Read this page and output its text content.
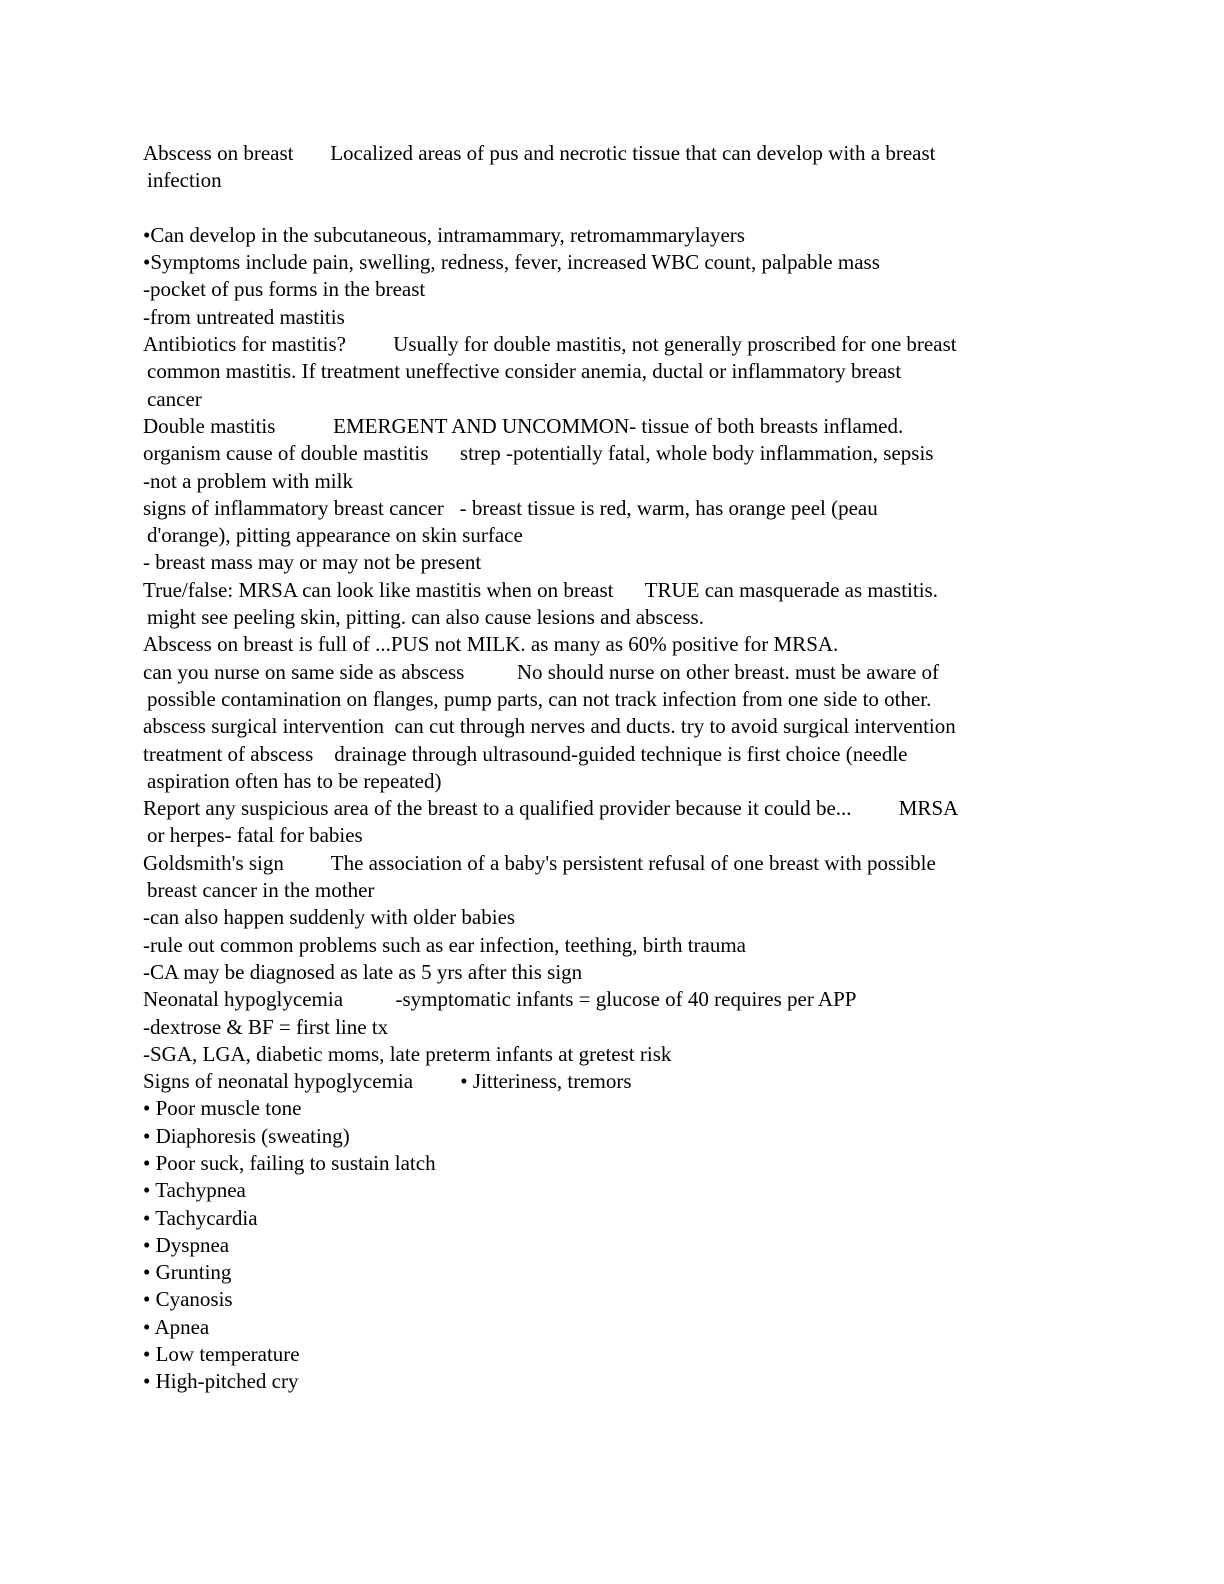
Abscess on breast       Localized areas of pus and necrotic tissue that can develop with a breast
infection
•Can develop in the subcutaneous, intramammary, retromammarylayers
•Symptoms include pain, swelling, redness, fever, increased WBC count, palpable mass
-pocket of pus forms in the breast
-from untreated mastitis
Antibiotics for mastitis?         Usually for double mastitis, not generally proscribed for one breast
common mastitis. If treatment uneffective consider anemia, ductal or inflammatory breast
cancer
Double mastitis           EMERGENT AND UNCOMMON- tissue of both breasts inflamed.
organism cause of double mastitis      strep -potentially fatal, whole body inflammation, sepsis
-not a problem with milk
signs of inflammatory breast cancer   - breast tissue is red, warm, has orange peel (peau
d'orange), pitting appearance on skin surface
- breast mass may or may not be present
True/false: MRSA can look like mastitis when on breast      TRUE can masquerade as mastitis.
might see peeling skin, pitting. can also cause lesions and abscess.
Abscess on breast is full of ...PUS not MILK. as many as 60% positive for MRSA.
can you nurse on same side as abscess          No should nurse on other breast. must be aware of
possible contamination on flanges, pump parts, can not track infection from one side to other.
abscess surgical intervention  can cut through nerves and ducts. try to avoid surgical intervention
treatment of abscess    drainage through ultrasound-guided technique is first choice (needle
aspiration often has to be repeated)
Report any suspicious area of the breast to a qualified provider because it could be...         MRSA
or herpes- fatal for babies
Goldsmith's sign         The association of a baby's persistent refusal of one breast with possible
breast cancer in the mother
-can also happen suddenly with older babies
-rule out common problems such as ear infection, teething, birth trauma
-CA may be diagnosed as late as 5 yrs after this sign
Neonatal hypoglycemia          -symptomatic infants = glucose of 40 requires per APP
-dextrose & BF = first line tx
-SGA, LGA, diabetic moms, late preterm infants at gretest risk
Signs of neonatal hypoglycemia         • Jitteriness, tremors
• Poor muscle tone
• Diaphoresis (sweating)
• Poor suck, failing to sustain latch
• Tachypnea
• Tachycardia
• Dyspnea
• Grunting
• Cyanosis
• Apnea
• Low temperature
• High-pitched cry
